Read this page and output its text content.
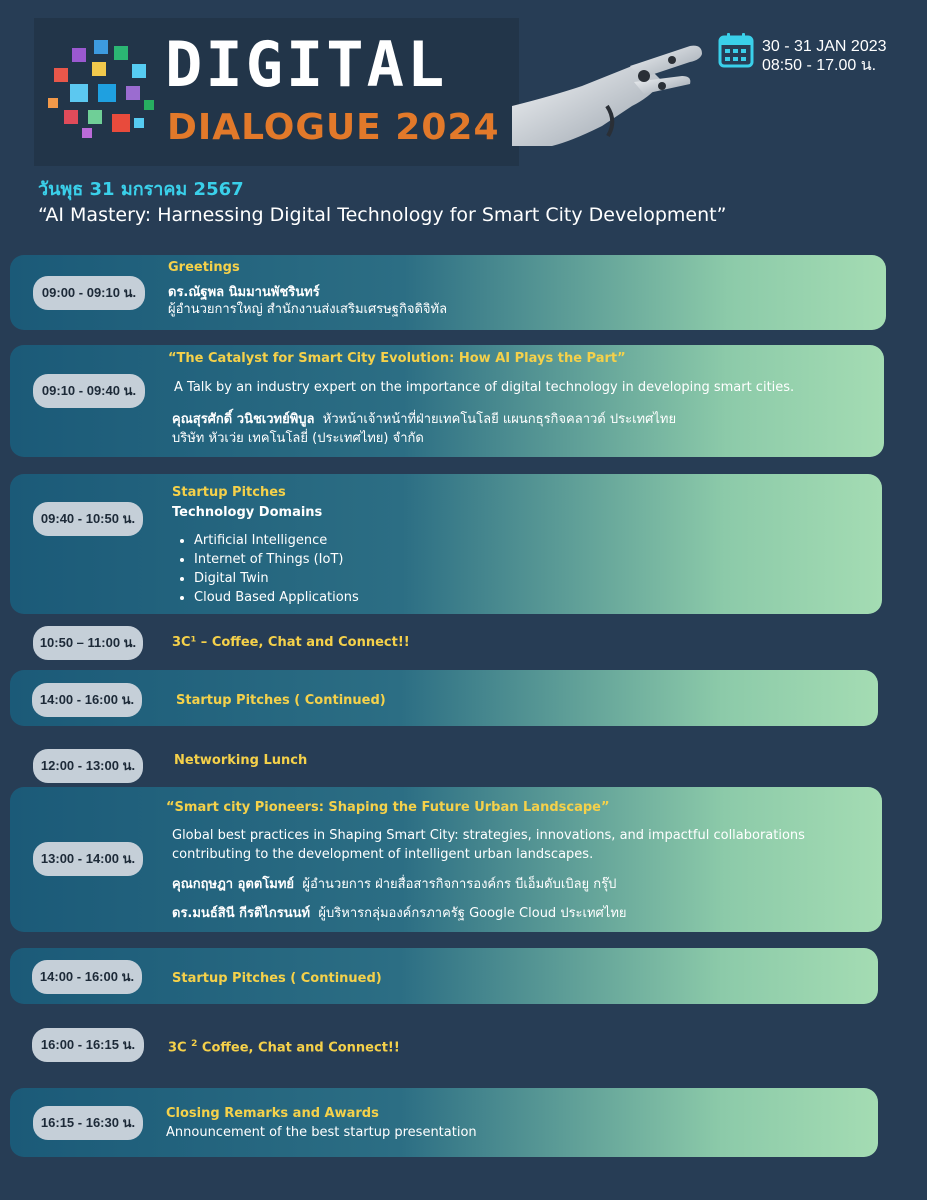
DIGITAL
DIALOGUE 2024
30 - 31 JAN 2023
08:50 - 17.00 น.
วันพุธ 31 มกราคม 2567
“AI Mastery: Harnessing Digital Technology for Smart City Development”
09:00 - 09:10 น.
Greetings
ดร.ณัฐพล นิมมานพัชรินทร์
ผู้อำนวยการใหญ่ สำนักงานส่งเสริมเศรษฐกิจดิจิทัล
09:10 - 09:40 น.
“The Catalyst for Smart City Evolution: How AI Plays the Part”
A Talk by an industry expert on the importance of digital technology in developing smart cities.
คุณสุรศักดิ์ วนิชเวทย์พิบูล หัวหน้าเจ้าหน้าที่ฝ่ายเทคโนโลยี แผนกธุรกิจคลาวด์ ประเทศไทย
บริษัท หัวเว่ย เทคโนโลยี่ (ประเทศไทย) จำกัด
09:40 - 10:50 น.
Startup Pitches
Technology Domains
• Artificial Intelligence
• Internet of Things (IoT)
• Digital Twin
• Cloud Based Applications
10:50 – 11:00 น.	3C¹ – Coffee, Chat and Connect!!
14:00 - 16:00 น.	Startup Pitches ( Continued)
12:00 - 13:00 น.	Networking Lunch
13:00 - 14:00 น.
“Smart city Pioneers: Shaping the Future Urban Landscape”
Global best practices in Shaping Smart City: strategies, innovations, and impactful collaborations
contributing to the development of intelligent urban landscapes.
คุณกฤษฎา อุตตโมทย์ ผู้อำนวยการ ฝ่ายสื่อสารกิจการองค์กร บีเอ็มดับเบิลยู กรุ๊ป
ดร.มนธ์สินี กีรติไกรนนท์ ผู้บริหารกลุ่มองค์กรภาครัฐ Google Cloud ประเทศไทย
14:00 - 16:00 น.	Startup Pitches ( Continued)
16:00 - 16:15 น.	3C $^2$ Coffee, Chat and Connect!!
16:15 - 16:30 น.
Closing Remarks and Awards
Announcement of the best startup presentation
